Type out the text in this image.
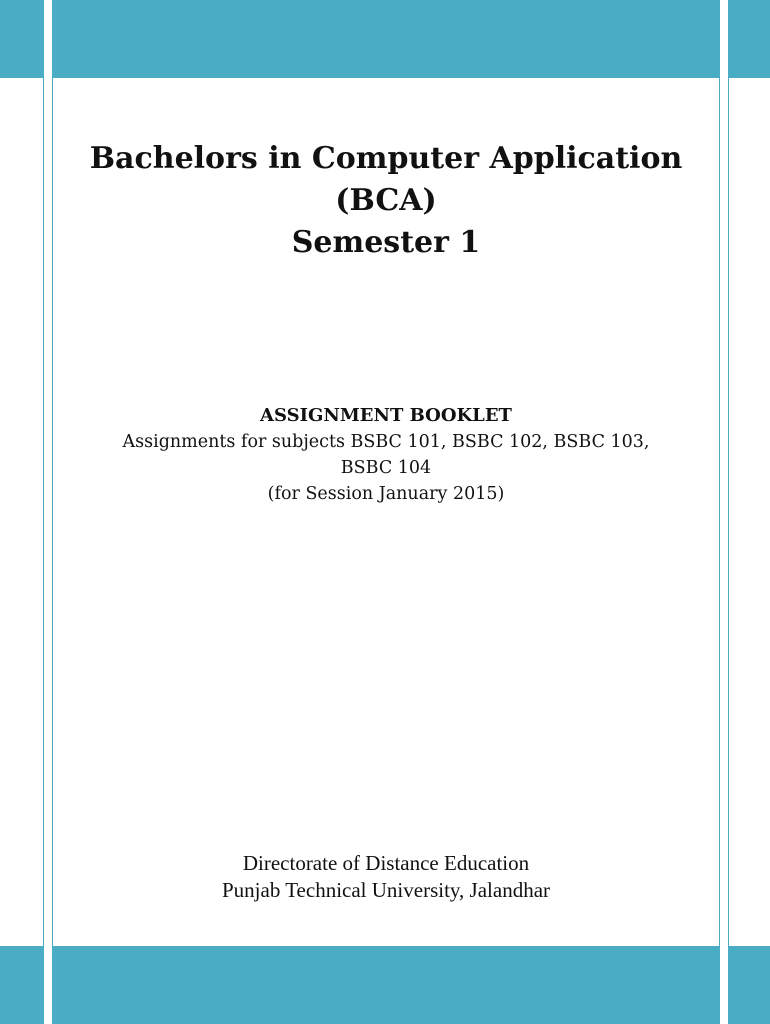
Bachelors in Computer Application
(BCA)
Semester 1
ASSIGNMENT BOOKLET
Assignments for subjects BSBC 101, BSBC 102, BSBC 103,
BSBC 104
(for Session January 2015)
Directorate of Distance Education
Punjab Technical University, Jalandhar
